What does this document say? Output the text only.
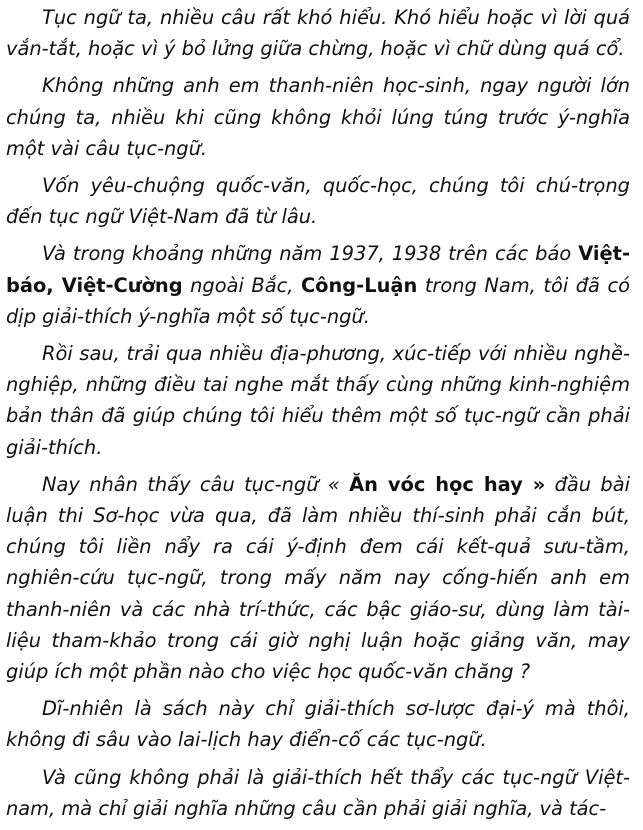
Tục ngữ ta, nhiều câu rất khó hiểu. Khó hiểu hoặc vì lời quá vắn-tắt, hoặc vì ý bỏ lửng giữa chừng, hoặc vì chữ dùng quá cổ.

Không những anh em thanh-niên học-sinh, ngay người lớn chúng ta, nhiều khi cũng không khỏi lúng túng trước ý-nghĩa một vài câu tục-ngữ.

Vốn yêu-chuộng quốc-văn, quốc-học, chúng tôi chú-trọng đến tục ngữ Việt-Nam đã từ lâu.

Và trong khoảng những năm 1937, 1938 trên các báo Việt-báo, Việt-Cường ngoài Bắc, Công-Luận trong Nam, tôi đã có dịp giải-thích ý-nghĩa một số tục-ngữ.

Rồi sau, trải qua nhiều địa-phương, xúc-tiếp với nhiều nghề-nghiệp, những điều tai nghe mắt thấy cùng những kinh-nghiệm bản thân đã giúp chúng tôi hiểu thêm một số tục-ngữ cần phải giải-thích.

Nay nhân thấy câu tục-ngữ « Ăn vóc học hay » đầu bài luận thi Sơ-học vừa qua, đã làm nhiều thí-sinh phải cắn bút, chúng tôi liền nẩy ra cái ý-định đem cái kết-quả sưu-tầm, nghiên-cứu tục-ngữ, trong mấy năm nay cống-hiến anh em thanh-niên và các nhà trí-thức, các bậc giáo-sư, dùng làm tài-liệu tham-khảo trong cái giờ nghị luận hoặc giảng văn, may giúp ích một phần nào cho việc học quốc-văn chăng ?

Dĩ-nhiên là sách này chỉ giải-thích sơ-lược đại-ý mà thôi, không đi sâu vào lai-lịch hay điển-cố các tục-ngữ.

Và cũng không phải là giải-thích hết thẩy các tục-ngữ Việt-nam, mà chỉ giải nghĩa những câu cần phải giải nghĩa, và tác-
